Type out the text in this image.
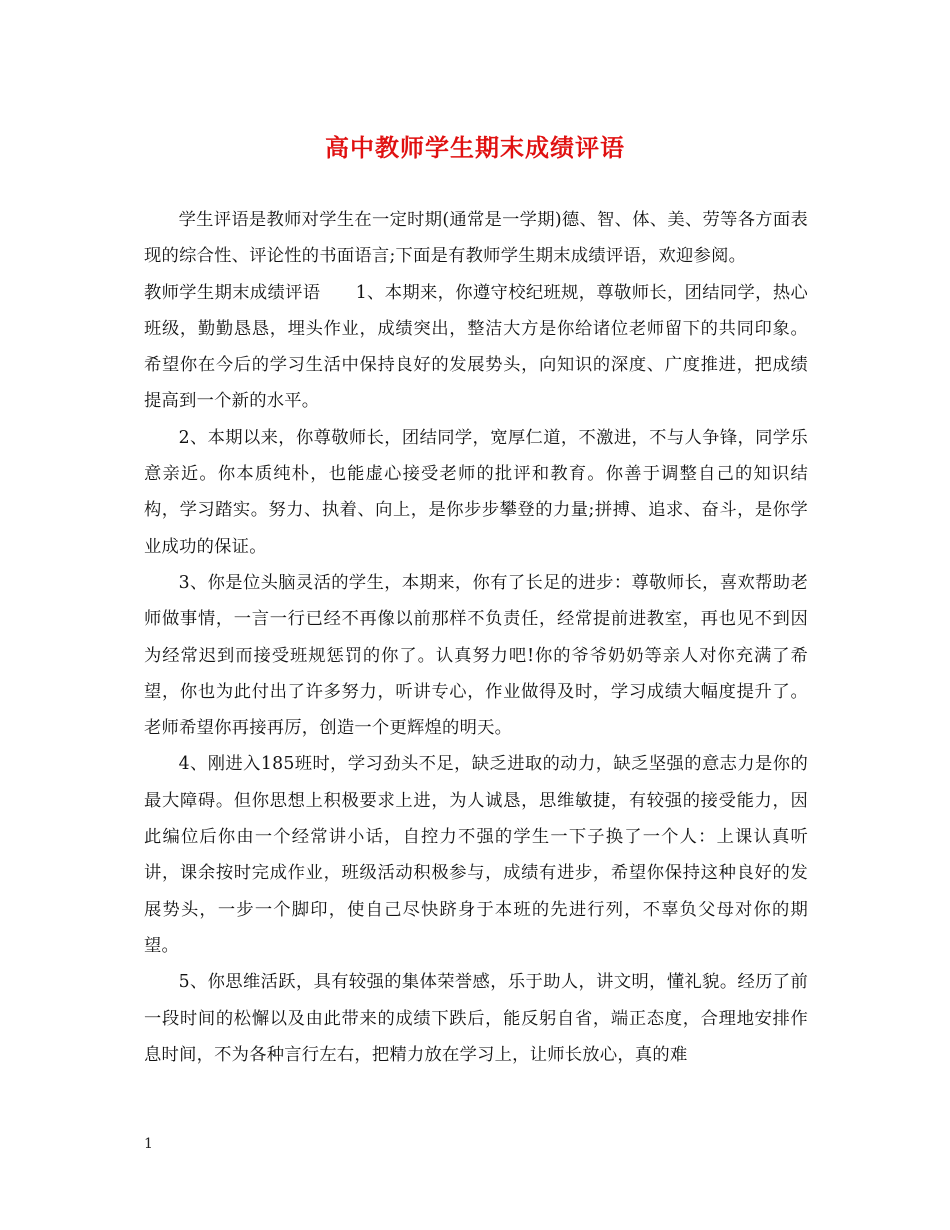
高中教师学生期末成绩评语

学生评语是教师对学生在一定时期(通常是一学期)德、智、体、美、劳等各方面表现的综合性、评论性的书面语言;下面是有教师学生期末成绩评语，欢迎参阅。

教师学生期末成绩评语　　1、本期来，你遵守校纪班规，尊敬师长，团结同学，热心班级，勤勤恳恳，埋头作业，成绩突出，整洁大方是你给诸位老师留下的共同印象。希望你在今后的学习生活中保持良好的发展势头，向知识的深度、广度推进，把成绩提高到一个新的水平。

2、本期以来，你尊敬师长，团结同学，宽厚仁道，不激进，不与人争锋，同学乐意亲近。你本质纯朴，也能虚心接受老师的批评和教育。你善于调整自己的知识结构，学习踏实。努力、执着、向上，是你步步攀登的力量;拼搏、追求、奋斗，是你学业成功的保证。

3、你是位头脑灵活的学生，本期来，你有了长足的进步：尊敬师长，喜欢帮助老师做事情，一言一行已经不再像以前那样不负责任，经常提前进教室，再也见不到因为经常迟到而接受班规惩罚的你了。认真努力吧!你的爷爷奶奶等亲人对你充满了希望，你也为此付出了许多努力，听讲专心，作业做得及时，学习成绩大幅度提升了。老师希望你再接再厉，创造一个更辉煌的明天。

4、刚进入185班时，学习劲头不足，缺乏进取的动力，缺乏坚强的意志力是你的最大障碍。但你思想上积极要求上进，为人诚恳，思维敏捷，有较强的接受能力，因此编位后你由一个经常讲小话，自控力不强的学生一下子换了一个人：上课认真听讲，课余按时完成作业，班级活动积极参与，成绩有进步，希望你保持这种良好的发展势头，一步一个脚印，使自己尽快跻身于本班的先进行列，不辜负父母对你的期望。

5、你思维活跃，具有较强的集体荣誉感，乐于助人，讲文明，懂礼貌。经历了前一段时间的松懈以及由此带来的成绩下跌后，能反躬自省，端正态度，合理地安排作息时间，不为各种言行左右，把精力放在学习上，让师长放心，真的难

1
